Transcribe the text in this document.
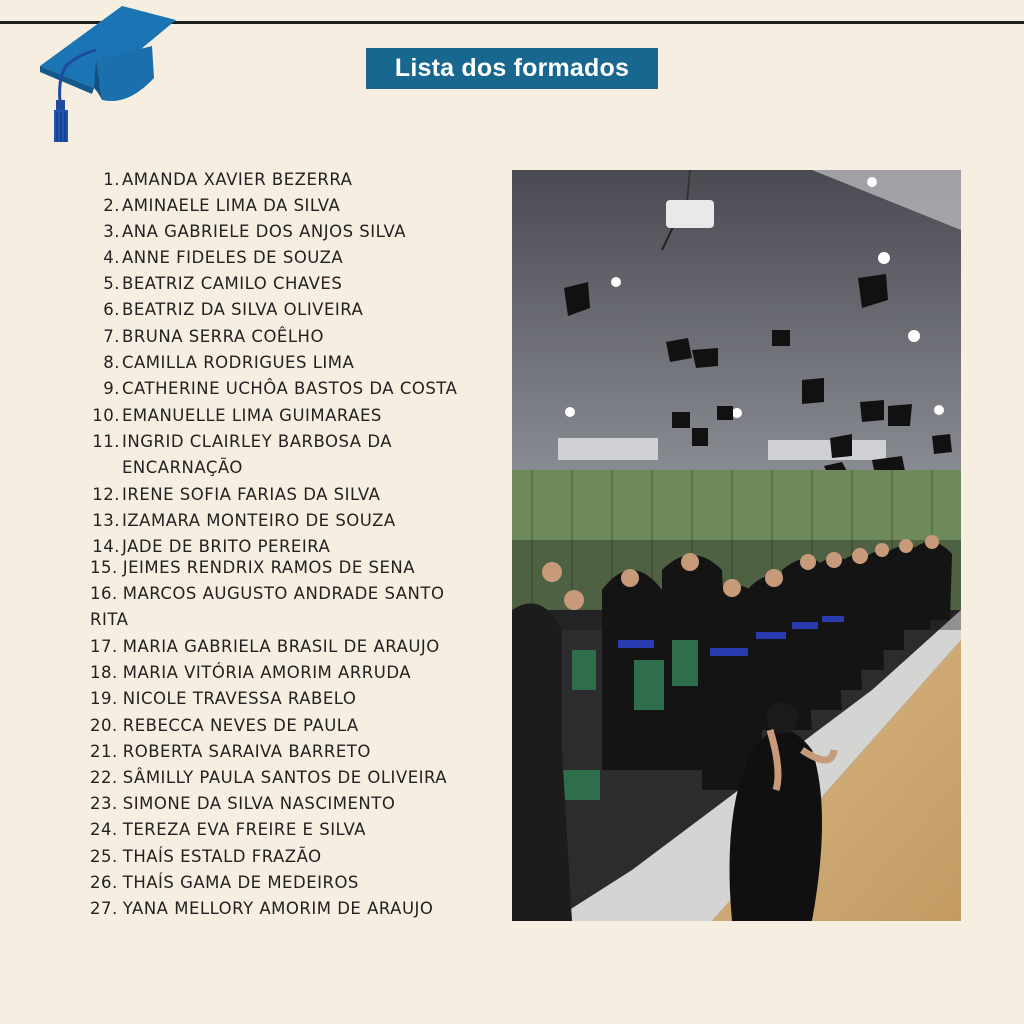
Lista dos formados
1. AMANDA XAVIER BEZERRA
2. AMINAELE LIMA DA SILVA
3. ANA GABRIELE DOS ANJOS SILVA
4. ANNE FIDELES DE SOUZA
5. BEATRIZ CAMILO CHAVES
6. BEATRIZ DA SILVA OLIVEIRA
7. BRUNA SERRA COÊLHO
8. CAMILLA RODRIGUES LIMA
9. CATHERINE UCHÔA BASTOS DA COSTA
10. EMANUELLE LIMA GUIMARAES
11. INGRID CLAIRLEY BARBOSA DA
ENCARNAÇÃO
12. IRENE SOFIA FARIAS DA SILVA
13. IZAMARA MONTEIRO DE SOUZA
14. JADE DE BRITO PEREIRA
15. JEIMES RENDRIX RAMOS DE SENA
16. MARCOS AUGUSTO ANDRADE SANTO
RITA
17. MARIA GABRIELA BRASIL DE ARAUJO
18. MARIA VITÓRIA AMORIM ARRUDA
19. NICOLE TRAVESSA RABELO
20. REBECCA NEVES DE PAULA
21. ROBERTA SARAIVA BARRETO
22. SÂMILLY PAULA SANTOS DE OLIVEIRA
23. SIMONE DA SILVA NASCIMENTO
24. TEREZA EVA FREIRE E SILVA
25. THAÍS ESTALD FRAZÃO
26. THAÍS GAMA DE MEDEIROS
27. YANA MELLORY AMORIM DE ARAUJO
